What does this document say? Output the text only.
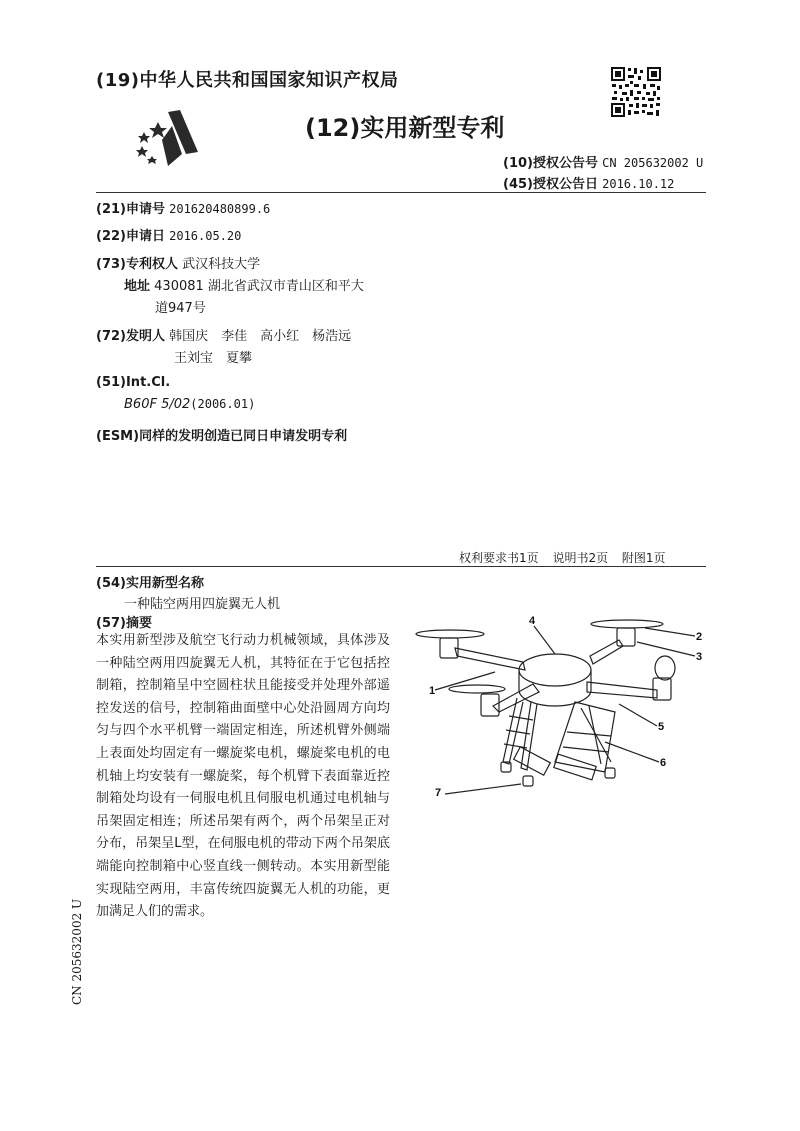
(19)中华人民共和国国家知识产权局
(12)实用新型专利
(10)授权公告号 CN 205632002 U
(45)授权公告日 2016.10.12
(21)申请号 201620480899.6
(22)申请日 2016.05.20
(73)专利权人 武汉科技大学
地址 430081 湖北省武汉市青山区和平大
道947号
(72)发明人 韩国庆　李佳　高小红　杨浩远
王刘宝　夏攀
(51)Int.Cl.
B60F 5/02(2006.01)
(ESM)同样的发明创造已同日申请发明专利
权利要求书1页 说明书2页 附图1页
(54)实用新型名称
一种陆空两用四旋翼无人机
(57)摘要

本实用新型涉及航空飞行动力机械领域，具体涉及一种陆空两用四旋翼无人机，其特征在于它包括控制箱，控制箱呈中空圆柱状且能接受并处理外部遥控发送的信号，控制箱曲面壁中心处沿圆周方向均匀与四个水平机臂一端固定相连，所述机臂外侧端上表面处均固定有一螺旋桨电机，螺旋桨电机的电机轴上均安装有一螺旋桨，每个机臂下表面靠近控制箱处均设有一伺服电机且伺服电机通过电机轴与吊架固定相连；所述吊架有两个，两个吊架呈正对分布，吊架呈L型，在伺服电机的带动下两个吊架底端能向控制箱中心竖直线一侧转动。本实用新型能实现陆空两用，丰富传统四旋翼无人机的功能，更加满足人们的需求。

CN 205632002 U
4
2
3
1
5
6
7
